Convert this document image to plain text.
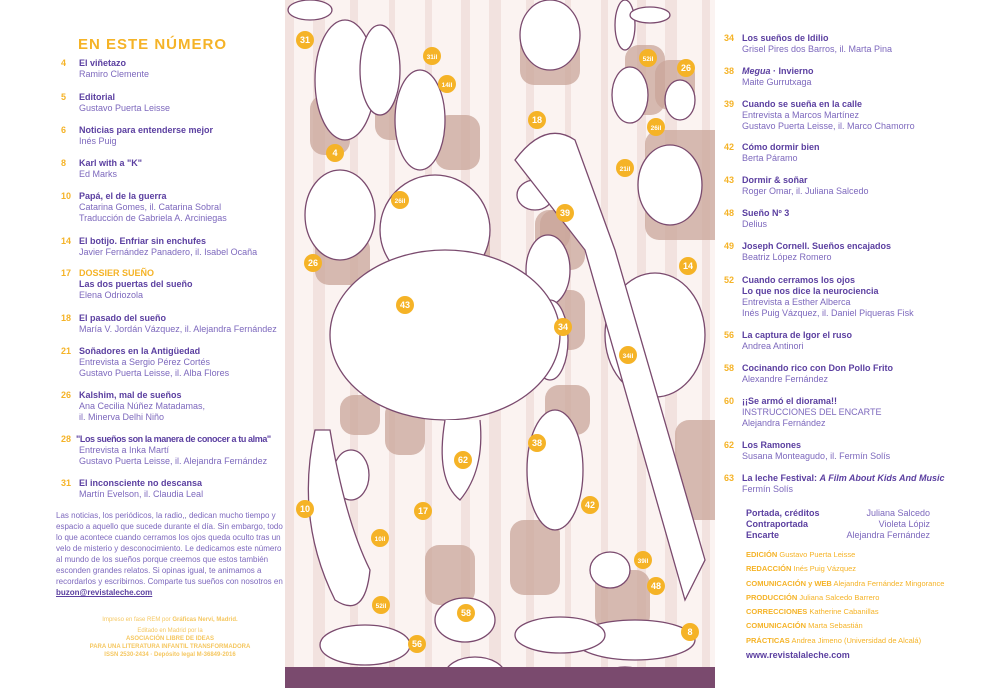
EN ESTE NÚMERO
4	El viñetazo
Ramiro Clemente
5	Editorial
Gustavo Puerta Leisse
6	Noticias para entenderse mejor
Inés Puig
8	Karl with a "K"
Ed Marks
10 Papá, el de la guerra
Catarina Gomes, il. Catarina Sobral
Traducción de Gabriela A. Arciniegas
14 El botijo. Enfriar sin enchufes
Javier Fernández Panadero, il. Isabel Ocaña
17 DOSSIER SUEÑO
Las dos puertas del sueño
Elena Odriozola
18 El pasado del sueño
María V. Jordán Vázquez, il. Alejandra Fernández
21 Soñadores en la Antigüedad
Entrevista a Sergio Pérez Cortés
Gustavo Puerta Leisse, il. Alba Flores
26 Kalshim, mal de sueños
Ana Cecilia Núñez Matadamas,
il. Minerva Delhi Niño
28 "Los sueños son la manera de conocer a tu alma"
Entrevista a Inka Martí
Gustavo Puerta Leisse, il. Alejandra Fernández
31 El inconsciente no descansa
Martín Evelson, il. Claudia Leal
Las noticias, los periódicos, la radio,, dedican mucho tiempo y espacio a aquello que sucede durante el día. Sin embargo, todo lo que acontece cuando cerramos los ojos queda oculto tras un velo de misterio y desconocimiento. Le dedicamos este número al mundo de los sueños porque creemos que estos también esconden grandes relatos. Si opinas igual, te animamos a recordarlos y escribirnos. Comparte tus sueños con nosotros en buzon@revistaleche.com
Impreso en fase REM por Gráficas Nervi, Madrid.
Editado en Madrid por la
ASOCIACIÓN LIBRE DE IDEAS
PARA UNA LITERATURA INFANTIL TRANSFORMADORA
ISSN 2530-2434 · Depósito legal M-36849-2016
31
31il
14il
4
26il
26
43
18
52il
26
26il
21il
39
14
34
34il
62
38
10	17
42
10il
39il
48
52il
58
56
8
34 Los sueños de Idilio
Grisel Pires dos Barros, il. Marta Pina
38 Megua · Invierno
Maite Gurrutxaga
39 Cuando se sueña en la calle
Entrevista a Marcos Martínez
Gustavo Puerta Leisse, il. Marco Chamorro
42 Cómo dormir bien
Berta Páramo
43 Dormir & soñar
Roger Omar, il. Juliana Salcedo
48 Sueño Nº 3
Delius
49 Joseph Cornell. Sueños encajados
Beatriz López Romero
52 Cuando cerramos los ojos
Lo que nos dice la neurociencia
Entrevista a Esther Alberca
Inés Puig Vázquez, il. Daniel Piqueras Fisk
56 La captura de Igor el ruso
Andrea Antinori
58 Cocinando rico con Don Pollo Frito
Alexandre Fernández
60 ¡¡Se armó el diorama!!
INSTRUCCIONES DEL ENCARTE
Alejandra Fernández
62 Los Ramones
Susana Monteagudo, il. Fermín Solís
63 La leche Festival: A Film About Kids And Music
Fermín Solís
Portada, créditos	Juliana Salcedo
Contraportada	Violeta Lópiz
Encarte	Alejandra Fernández
EDICIÓN Gustavo Puerta Leisse
REDACCIÓN Inés Puig Vázquez
COMUNICACIÓN y WEB Alejandra Fernández Mingorance
PRODUCCIÓN Juliana Salcedo Barrero
CORRECCIONES Katherine Cabanillas
COMUNICACIÓN Marta Sebastián
PRÁCTICAS Andrea Jimeno (Universidad de Alcalá)
www.revistalaleche.com
